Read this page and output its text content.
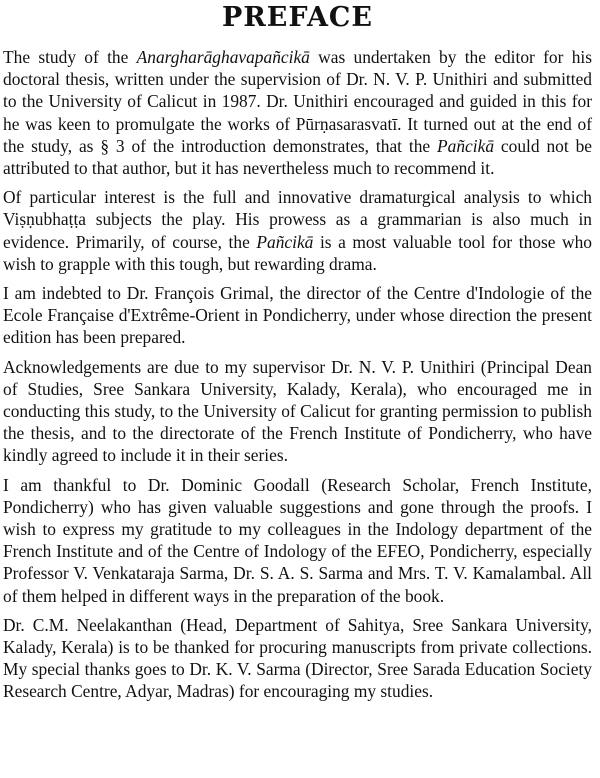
PREFACE

The study of the Anargharāghavapañcikā was undertaken by the editor for his doctoral thesis, written under the supervision of Dr. N. V. P. Unithiri and submitted to the University of Calicut in 1987. Dr. Unithiri encouraged and guided in this for he was keen to promulgate the works of Pūrṇasarasvatī. It turned out at the end of the study, as § 3 of the introduction demonstrates, that the Pañcikā could not be attributed to that author, but it has nevertheless much to recommend it.

Of particular interest is the full and innovative dramaturgical analysis to which Viṣṇubhaṭṭa subjects the play. His prowess as a grammarian is also much in evidence. Primarily, of course, the Pañcikā is a most valuable tool for those who wish to grapple with this tough, but rewarding drama.

I am indebted to Dr. François Grimal, the director of the Centre d'Indologie of the Ecole Française d'Extrême-Orient in Pondicherry, under whose direction the present edition has been prepared.

Acknowledgements are due to my supervisor Dr. N. V. P. Unithiri (Principal Dean of Studies, Sree Sankara University, Kalady, Kerala), who encouraged me in conducting this study, to the University of Calicut for granting permission to publish the thesis, and to the directorate of the French Institute of Pondicherry, who have kindly agreed to include it in their series.

I am thankful to Dr. Dominic Goodall (Research Scholar, French Institute, Pondicherry) who has given valuable suggestions and gone through the proofs. I wish to express my gratitude to my colleagues in the Indology department of the French Institute and of the Centre of Indology of the EFEO, Pondicherry, especially Professor V. Venkataraja Sarma, Dr. S. A. S. Sarma and Mrs. T. V. Kamalambal. All of them helped in different ways in the preparation of the book.

Dr. C.M. Neelakanthan (Head, Department of Sahitya, Sree Sankara University, Kalady, Kerala) is to be thanked for procuring manuscripts from private collections. My special thanks goes to Dr. K. V. Sarma (Director, Sree Sarada Education Society Research Centre, Adyar, Madras) for encouraging my studies.
